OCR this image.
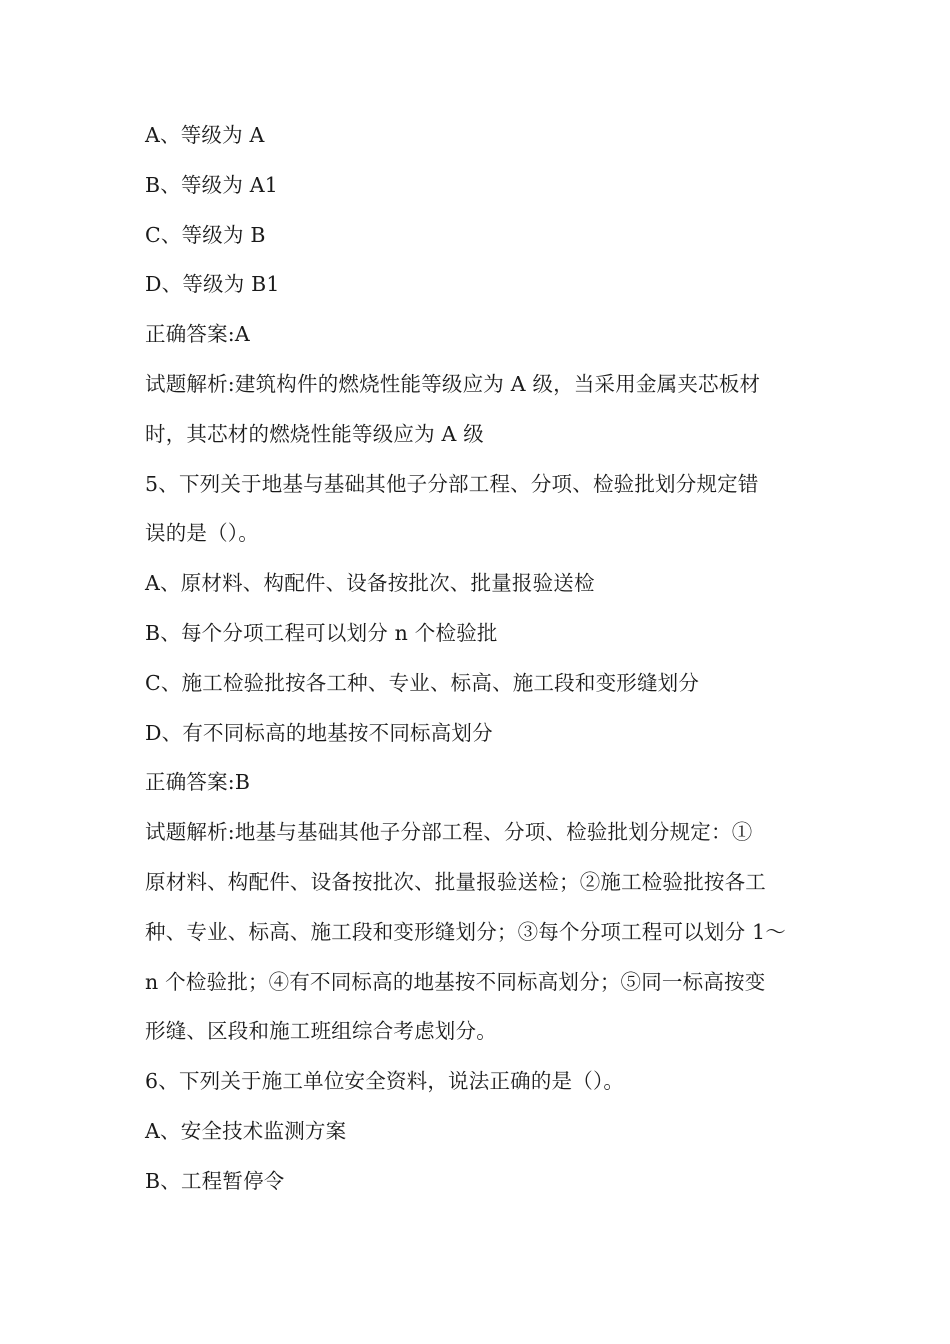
A、等级为 A
B、等级为 A1
C、等级为 B
D、等级为 B1
正确答案:A
试题解析:建筑构件的燃烧性能等级应为 A 级，当采用金属夹芯板材
时，其芯材的燃烧性能等级应为 A 级
5、下列关于地基与基础其他子分部工程、分项、检验批划分规定错
误的是（）。
A、原材料、构配件、设备按批次、批量报验送检
B、每个分项工程可以划分 n 个检验批
C、施工检验批按各工种、专业、标高、施工段和变形缝划分
D、有不同标高的地基按不同标高划分
正确答案:B
试题解析:地基与基础其他子分部工程、分项、检验批划分规定：①
原材料、构配件、设备按批次、批量报验送检；②施工检验批按各工
种、专业、标高、施工段和变形缝划分；③每个分项工程可以划分 1～
n 个检验批；④有不同标高的地基按不同标高划分；⑤同一标高按变
形缝、区段和施工班组综合考虑划分。
6、下列关于施工单位安全资料，说法正确的是（）。
A、安全技术监测方案
B、工程暂停令
